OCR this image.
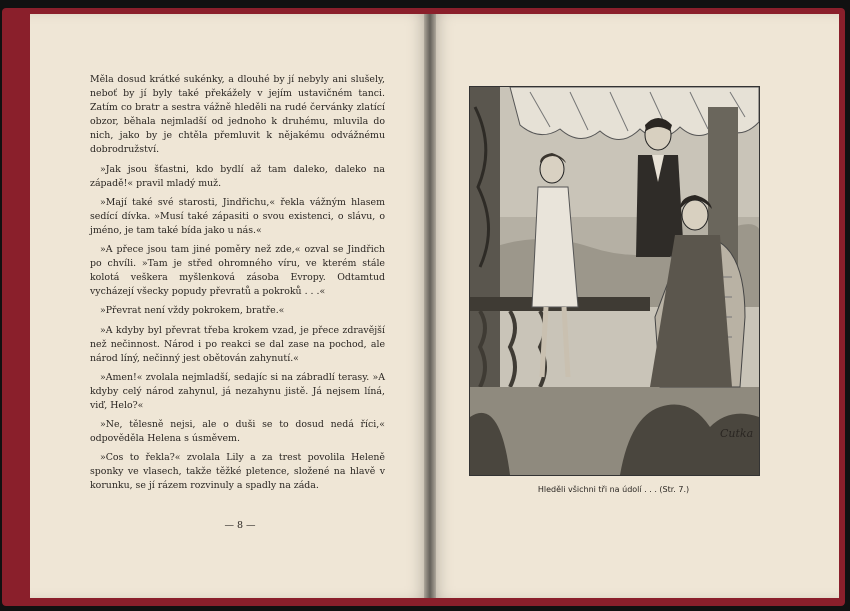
Měla dosud krátké sukénky, a dlouhé by jí nebyly ani slušely, neboť by jí byly také překážely v jejím ustavičném tanci. Zatím co bratr a sestra vážně hleděli na rudé červánky zlatící obzor, běhala nejmladší od jednoho k druhému, mluvila do nich, jako by je chtěla přemluvit k nějakému odvážnému dobrodružství.

»Jak jsou šťastni, kdo bydlí až tam daleko, daleko na západě!« pravil mladý muž.

»Mají také své starosti, Jindřichu,« řekla vážným hlasem sedící dívka. »Musí také zápasiti o svou existenci, o slávu, o jméno, je tam také bída jako u nás.«

»A přece jsou tam jiné poměry než zde,« ozval se Jindřich po chvíli. »Tam je střed ohromného víru, ve kterém stále kolotá veškera myšlenková zásoba Evropy. Odtamtud vycházejí všecky popudy převratů a pokroků . . .«

»Převrat není vždy pokrokem, bratře.«

»A kdyby byl převrat třeba krokem vzad, je přece zdravější než nečinnost. Národ i po reakci se dal zase na pochod, ale národ líný, nečinný jest obětován zahynutí.«

»Amen!« zvolala nejmladší, sedajíc si na zábradlí terasy. »A kdyby celý národ zahynul, já nezahynu jistě. Já nejsem líná, viď, Helo?«

»Ne, tělesně nejsi, ale o duši se to dosud nedá říci,« odpověděla Helena s úsměvem.

»Cos to řekla?« zvolala Lily a za trest povolila Heleně sponky ve vlasech, takže těžké pletence, složené na hlavě v korunku, se jí rázem rozvinuly a spadly na záda.

— 8 —
Cutka
Hleděli všichni tři na údolí . . . (Str. 7.)
